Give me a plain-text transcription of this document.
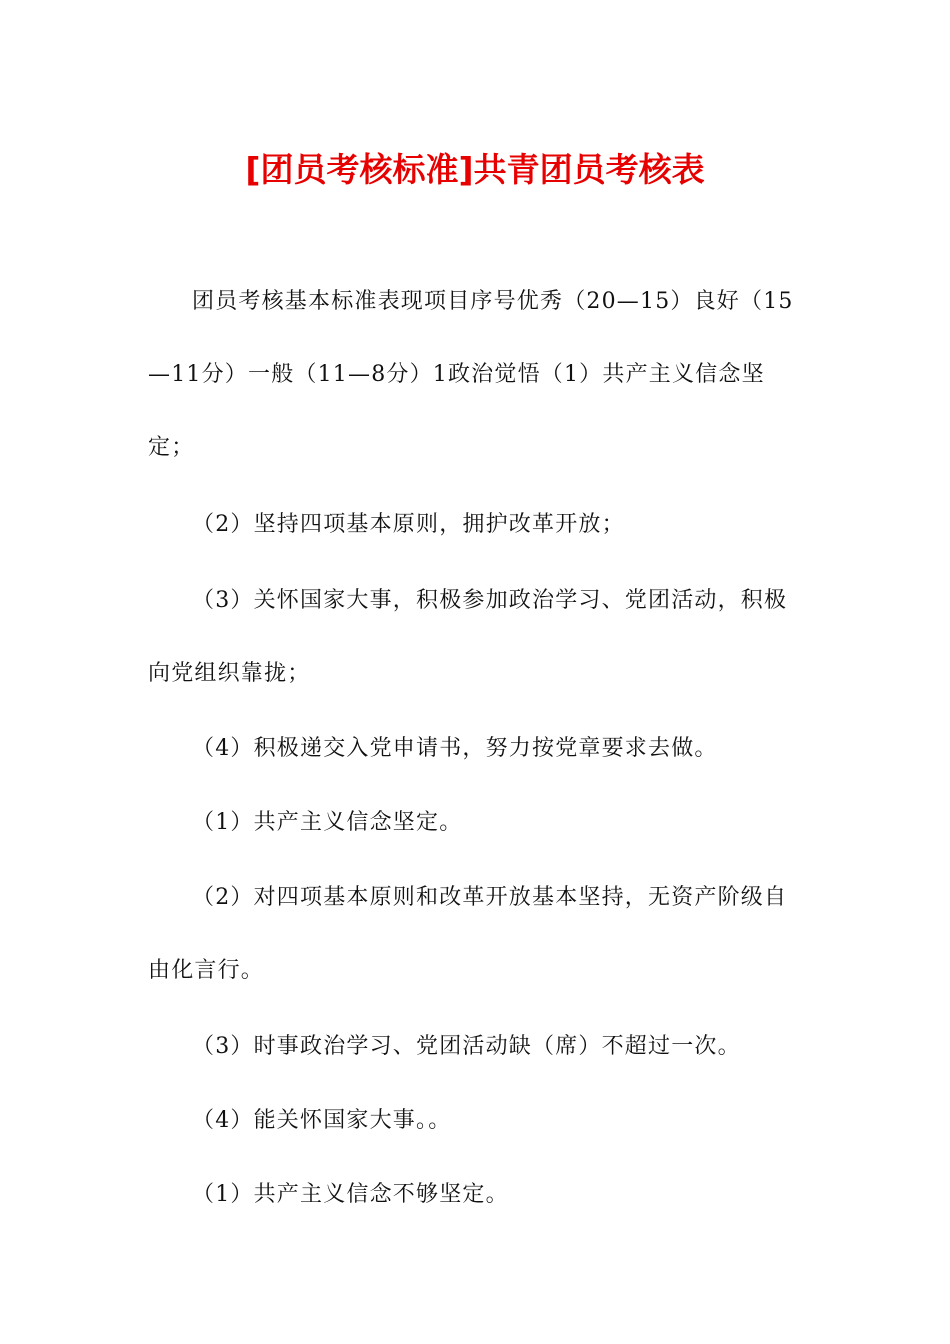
[团员考核标准]共青团员考核表

团员考核基本标准表现项目序号优秀（20—15）良好（15—11分）一般（11—8分）1政治觉悟（1）共产主义信念坚定；

（2）坚持四项基本原则，拥护改革开放；

（3）关怀国家大事，积极参加政治学习、党团活动，积极向党组织靠拢；

（4）积极递交入党申请书，努力按党章要求去做。

（1）共产主义信念坚定。

（2）对四项基本原则和改革开放基本坚持，无资产阶级自由化言行。

（3）时事政治学习、党团活动缺（席）不超过一次。

（4）能关怀国家大事。。

（1）共产主义信念不够坚定。
